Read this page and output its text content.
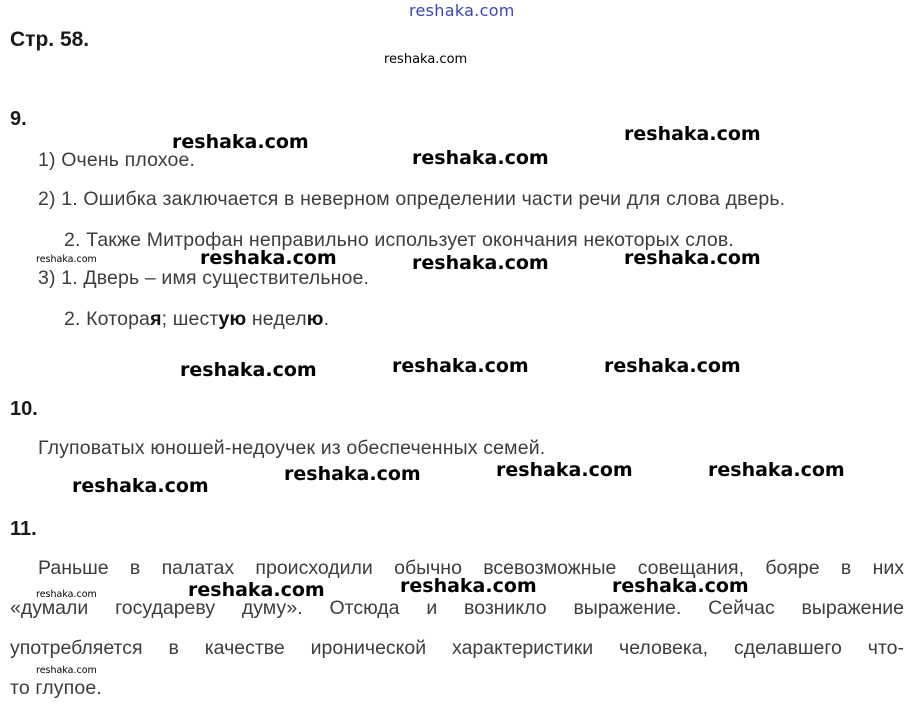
reshaka.com
Стр. 58.
9.
1) Очень плохое.
2) 1. Ошибка заключается в неверном определении части речи для слова дверь.
2. Также Митрофан неправильно использует окончания некоторых слов.
3) 1. Дверь – имя существительное.
2. Которая; шестую неделю.
10.
Глуповатых юношей-недоучек из обеспеченных семей.
11.
Раньше в палатах происходили обычно всевозможные совещания, бояре в них
«думали государеву думу». Отсюда и возникло выражение. Сейчас выражение
употребляется в качестве иронической характеристики человека, сделавшего что-
то глупое.
reshaka.com
reshaka.com	reshaka.com
reshaka.com
reshaka.com	reshaka.com	reshaka.com	reshaka.com
reshaka.com	reshaka.com	reshaka.com
reshaka.com	reshaka.com
reshaka.com
reshaka.com
reshaka.com	reshaka.com	reshaka.com	reshaka.com
reshaka.com
